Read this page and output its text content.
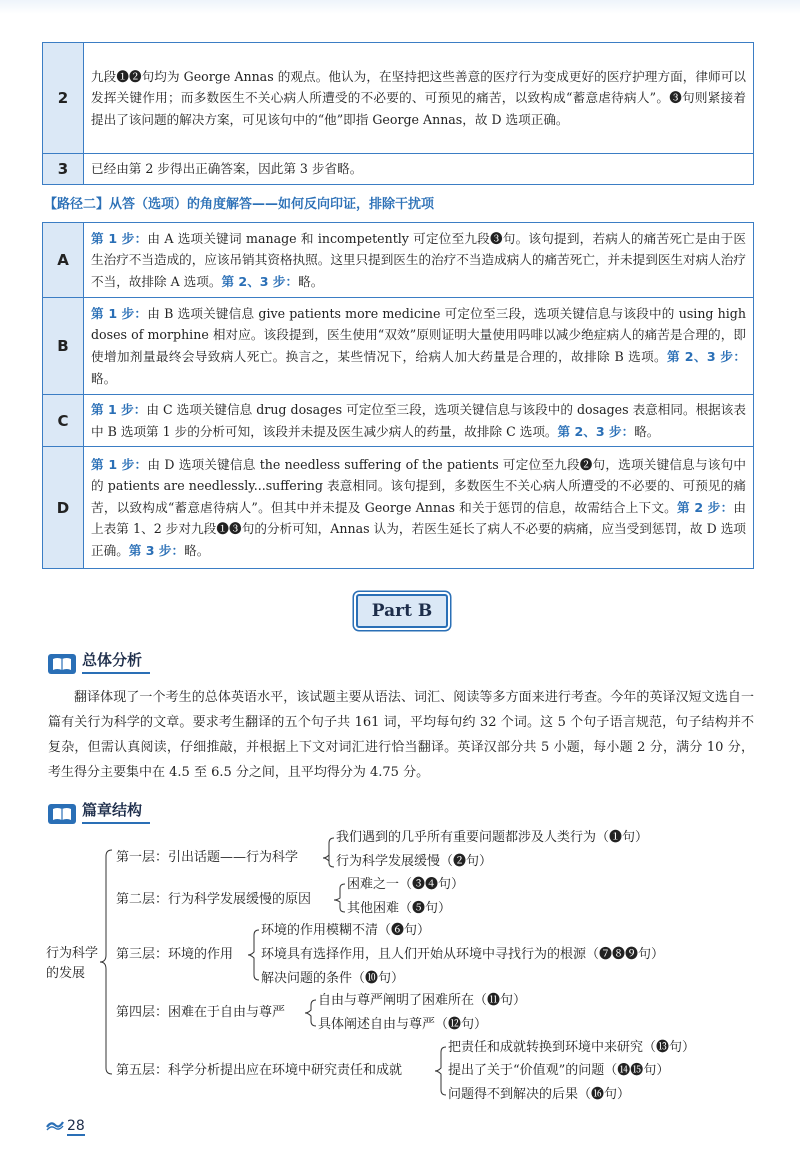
2	九段❶❷句均为 George Annas 的观点。他认为，在坚持把这些善意的医疗行为变成更好的医疗护理方面，律师可以发挥关键作用；而多数医生不关心病人所遭受的不必要的、可预见的痛苦，以致构成“蓄意虐待病人”。❸句则紧接着提出了该问题的解决方案，可见该句中的“他”即指 George Annas，故 D 选项正确。
3	已经由第 2 步得出正确答案，因此第 3 步省略。
【路径二】从答（选项）的角度解答——如何反向印证，排除干扰项
A	第 1 步：由 A 选项关键词 manage 和 incompetently 可定位至九段❸句。该句提到，若病人的痛苦死亡是由于医生治疗不当造成的，应该吊销其资格执照。这里只提到医生的治疗不当造成病人的痛苦死亡，并未提到医生对病人治疗不当，故排除 A 选项。第 2、3 步：略。
B	第 1 步：由 B 选项关键信息 give patients more medicine 可定位至三段，选项关键信息与该段中的 using high doses of morphine 相对应。该段提到，医生使用“双效”原则证明大量使用吗啡以减少绝症病人的痛苦是合理的，即使增加剂量最终会导致病人死亡。换言之，某些情况下，给病人加大药量是合理的，故排除 B 选项。第 2、3 步：略。
C	第 1 步：由 C 选项关键信息 drug dosages 可定位至三段，选项关键信息与该段中的 dosages 表意相同。根据该表中 B 选项第 1 步的分析可知，该段并未提及医生减少病人的药量，故排除 C 选项。第 2、3 步：略。
D	第 1 步：由 D 选项关键信息 the needless suffering of the patients 可定位至九段❷句，选项关键信息与该句中的 patients are needlessly...suffering 表意相同。该句提到，多数医生不关心病人所遭受的不必要的、可预见的痛苦，以致构成“蓄意虐待病人”。但其中并未提及 George Annas 和关于惩罚的信息，故需结合上下文。第 2 步：由上表第 1、2 步对九段❶❸句的分析可知，Annas 认为，若医生延长了病人不必要的病痛，应当受到惩罚，故 D 选项正确。第 3 步：略。
Part B
总体分析
翻译体现了一个考生的总体英语水平，该试题主要从语法、词汇、阅读等多方面来进行考查。今年的英译汉短文选自一篇有关行为科学的文章。要求考生翻译的五个句子共 161 词，平均每句约 32 个词。这 5 个句子语言规范，句子结构并不复杂，但需认真阅读，仔细推敲，并根据上下文对词汇进行恰当翻译。英译汉部分共 5 小题，每小题 2 分，满分 10 分，考生得分主要集中在 4.5 至 6.5 分之间，且平均得分为 4.75 分。
篇章结构
行为科学的发展
第一层：引出话题——行为科学
我们遇到的几乎所有重要问题都涉及人类行为（❶句）
行为科学发展缓慢（❷句）
第二层：行为科学发展缓慢的原因
困难之一（❸❹句）
其他困难（❺句）
第三层：环境的作用
环境的作用模糊不清（❻句）
环境具有选择作用，且人们开始从环境中寻找行为的根源（❼❽❾句）
解决问题的条件（❿句）
第四层：困难在于自由与尊严
自由与尊严阐明了困难所在（⓫句）
具体阐述自由与尊严（⓬句）
第五层：科学分析提出应在环境中研究责任和成就
把责任和成就转换到环境中来研究（⓭句）
提出了关于“价值观”的问题（⓮⓯句）
问题得不到解决的后果（⓰句）
28
